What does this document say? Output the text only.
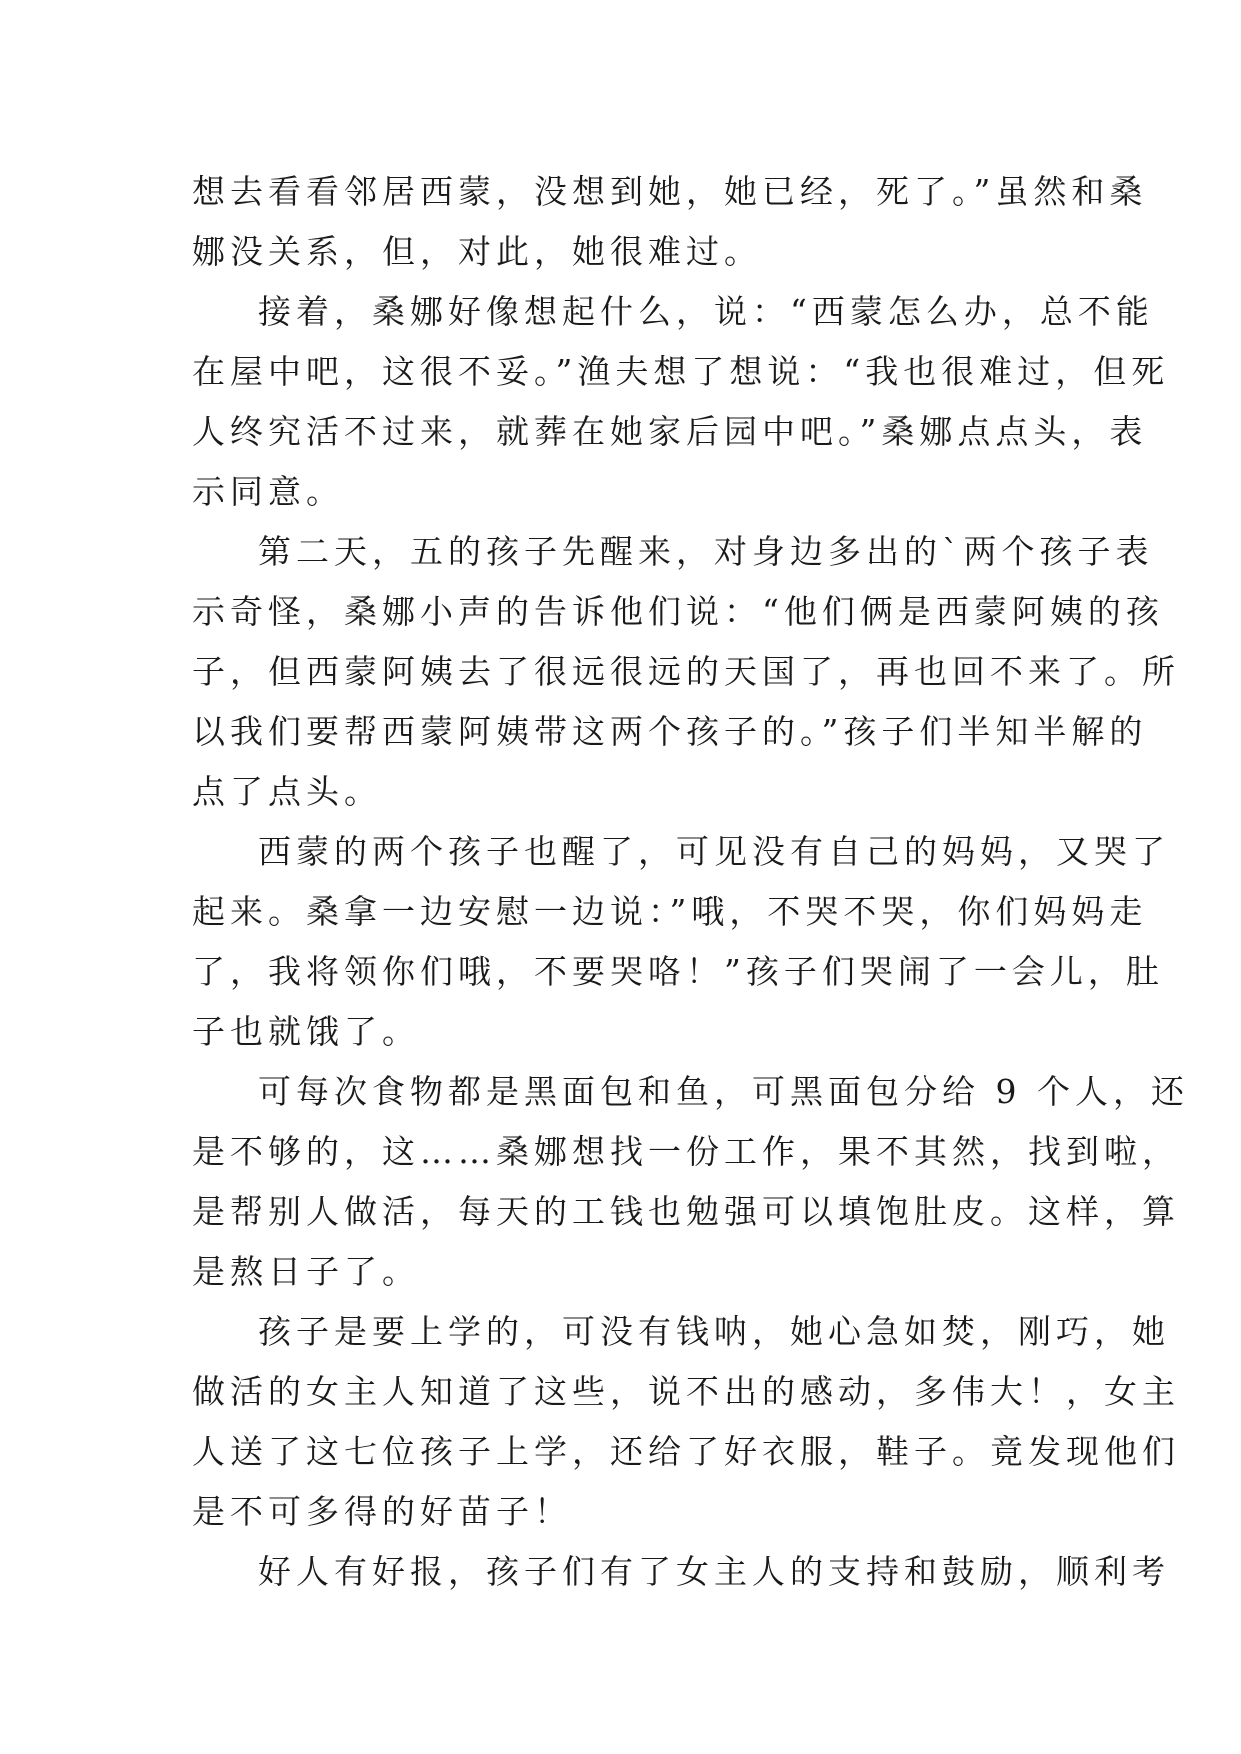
想去看看邻居西蒙，没想到她，她已经，死了。”虽然和桑
娜没关系，但，对此，她很难过。
接着，桑娜好像想起什么，说：“西蒙怎么办，总不能
在屋中吧，这很不妥。”渔夫想了想说：“我也很难过，但死
人终究活不过来，就葬在她家后园中吧。”桑娜点点头，表
示同意。
第二天，五的孩子先醒来，对身边多出的`两个孩子表
示奇怪，桑娜小声的告诉他们说：“他们俩是西蒙阿姨的孩
子，但西蒙阿姨去了很远很远的天国了，再也回不来了。所
以我们要帮西蒙阿姨带这两个孩子的。”孩子们半知半解的
点了点头。
西蒙的两个孩子也醒了，可见没有自己的妈妈，又哭了
起来。桑拿一边安慰一边说：”哦，不哭不哭，你们妈妈走
了，我将领你们哦，不要哭咯！”孩子们哭闹了一会儿，肚
子也就饿了。
可每次食物都是黑面包和鱼，可黑面包分给 9 个人，还
是不够的，这……桑娜想找一份工作，果不其然，找到啦，
是帮别人做活，每天的工钱也勉强可以填饱肚皮。这样，算
是熬日子了。
孩子是要上学的，可没有钱呐，她心急如焚，刚巧，她
做活的女主人知道了这些，说不出的感动，多伟大！，女主
人送了这七位孩子上学，还给了好衣服，鞋子。竟发现他们
是不可多得的好苗子！
好人有好报，孩子们有了女主人的支持和鼓励，顺利考
